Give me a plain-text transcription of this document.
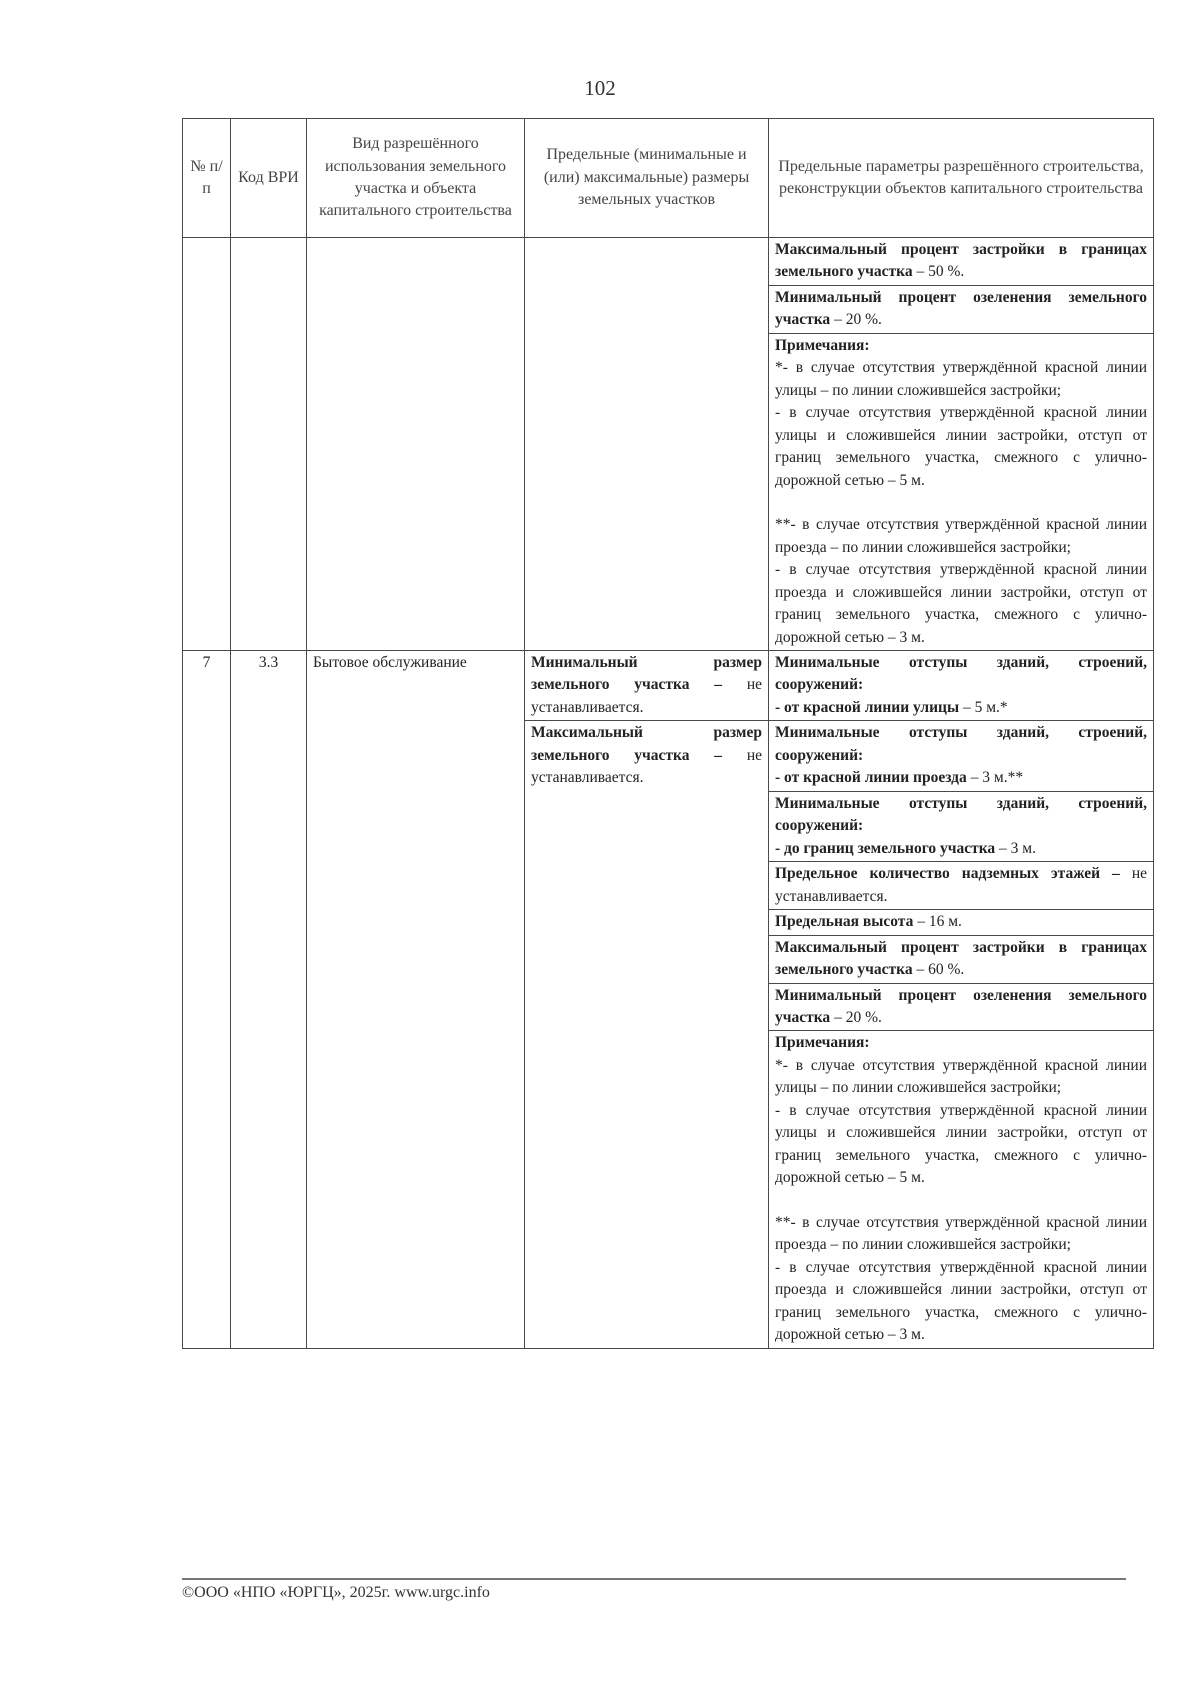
102
№ п/п	Код ВРИ	Вид разрешённого использования земельного участка и объекта капитального строительства	Предельные (минимальные и (или) максимальные) размеры земельных участков	Предельные параметры разрешённого строительства, реконструкции объектов капитального строительства
				Максимальный процент застройки в границах земельного участка – 50 %.
				Минимальный процент озеленения земельного участка – 20 %.

				Примечания:
*- в случае отсутствия утверждённой красной линии улицы – по линии сложившейся застройки;
- в случае отсутствия утверждённой красной линии улицы и сложившейся линии застройки, отступ от границ земельного участка, смежного с улично-дорожной сетью – 5 м.
**- в случае отсутствия утверждённой красной линии проезда – по линии сложившейся застройки;
- в случае отсутствия утверждённой красной линии проезда и сложившейся линии застройки, отступ от границ земельного участка, смежного с улично-дорожной сетью – 3 м.

7	3.3	Бытовое обслуживание	Минимальный размер земельного участка – не устанавливается.	Минимальные отступы зданий, строений, сооружений:
- от красной линии улицы – 5 м.*
			Максимальный размер земельного участка – не устанавливается.	Минимальные отступы зданий, строений, сооружений:
- от красной линии проезда – 3 м.**

				Минимальные отступы зданий, строений, сооружений:
- до границ земельного участка – 3 м.
				Предельное количество надземных этажей – не устанавливается.
				Предельная высота – 16 м.
				Максимальный процент застройки в границах земельного участка – 60 %.
				Минимальный процент озеленения земельного участка – 20 %.

				Примечания:
*- в случае отсутствия утверждённой красной линии улицы – по линии сложившейся застройки;
- в случае отсутствия утверждённой красной линии улицы и сложившейся линии застройки, отступ от границ земельного участка, смежного с улично-дорожной сетью – 5 м.
**- в случае отсутствия утверждённой красной линии проезда – по линии сложившейся застройки;
- в случае отсутствия утверждённой красной линии проезда и сложившейся линии застройки, отступ от границ земельного участка, смежного с улично-дорожной сетью – 3 м.
©ООО «НПО «ЮРГЦ», 2025г. www.urgc.info
